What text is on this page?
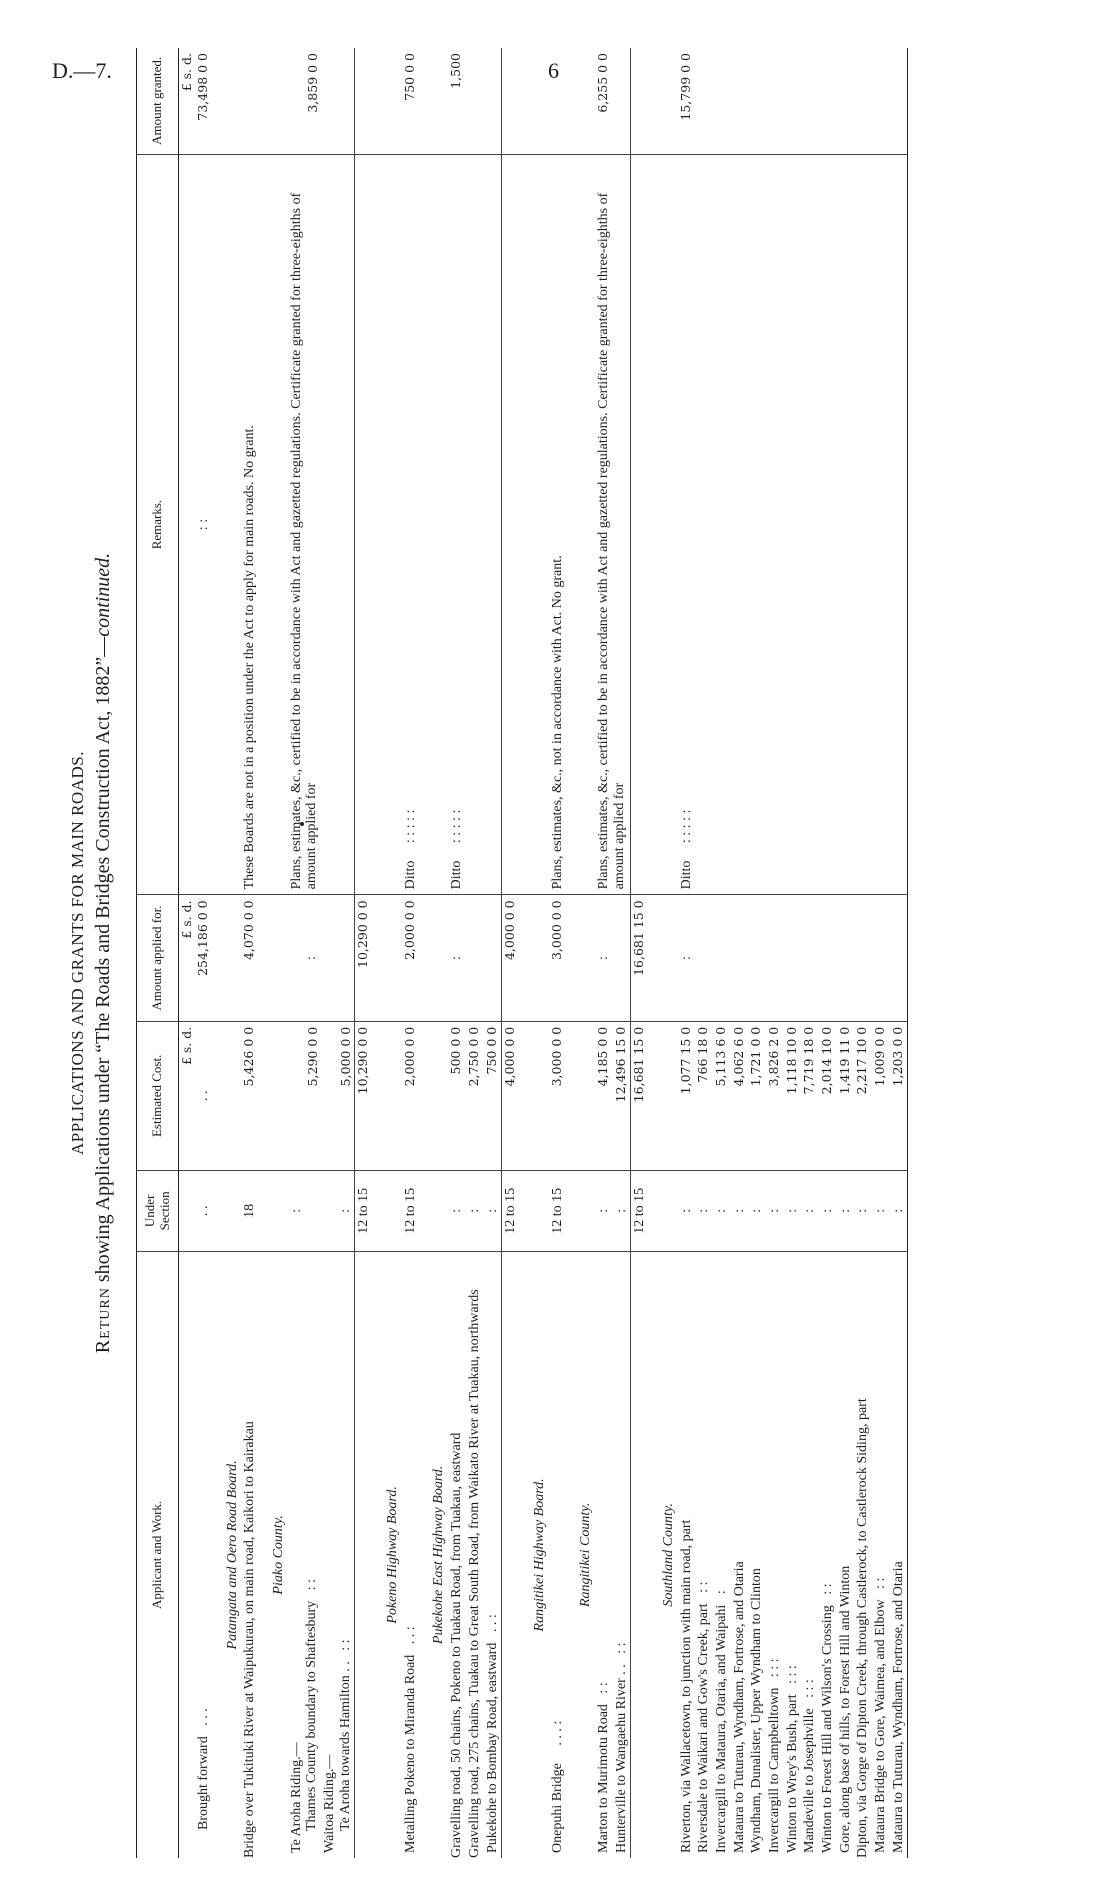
D.—7.	6
APPLICATIONS AND GRANTS FOR MAIN ROADS.
Return showing Applications under “The Roads and Bridges Construction Act, 1882”—continued.
Applicant and Work.	Under Section	Estimated Cost.	Amount applied for.	Remarks.	Amount granted.
		£ s. d.	£ s. d.		£ s. d.
Brought forward   . . .	. .	. .	254,186 0 0	: :	73,498 0 0

Patangata and Oero Road Board.					
Bridge over Tukituki River at Waipukurau, on main road, Kaikori to Kairakau	18	5,426 0 0	4,070 0 0	These Boards are not in a position under the Act to apply for main roads. No grant.	

Piako County.					

Te Aroha Riding.— Thames County boundary to Shaftesbury   : :	:	5,290 0 0	:	Plans, estimates, &c., certified to be in accordance with Act and gazetted regulations. Certificate granted for three-eighths of amount applied for	3,859 0 0

Waitoa Riding.— Te Aroha towards Hamilton . .   : :	:	5,000 0 0			
	12 to 15	10,290 0 0	10,290 0 0		

Pokeno Highway Board.					
Metalling Pokeno to Miranda Road   . . :	12 to 15	2,000 0 0	2,000 0 0	Ditto     : : : : :	750 0 0

Pukekohe East Highway Board.					
Gravelling road, 50 chains, Pokeno to Tuakau Road, from Tuakau, eastward	:	500 0 0	:	Ditto     : : : : :	1,500
Gravelling road, 275 chains, Tuakau to Great South Road, from Waikato River at Tuakau, northwards	:	2,750 0 0			
Pukekohe to Bombay Road, eastward   . . :	:	750 0 0			
	12 to 15	4,000 0 0	4,000 0 0		

Rangitikei Highway Board.					
Onepuhi Bridge     . . . :	12 to 15	3,000 0 0	3,000 0 0	Plans, estimates, &c., not in accordance with Act. No grant.	

Rangitikei County.					
Marton to Murimotu Road   : :	:	4,185 0 0	:	Plans, estimates, &c., certified to be in accordance with Act and gazetted regulations. Certificate granted for three-eighths of amount applied for	6,255 0 0
Hunterville to Wangaehu River . .   : :	:	12,496 15 0			
	12 to 15	16,681 15 0	16,681 15 0		

Southland County.					
Riverton, via Wallacetown, to junction with main road, part	:	1,077 15 0	:	Ditto     : : : : :	15,799 0 0
Riversdale to Waikari and Gow's Creek, part   : :	:	766 18 0			
Invercargill to Mataura, Otaria, and Waipahi   :	:	5,113 6 0			
Mataura to Tuturau, Wyndham, Fortrose, and Otaria	:	4,062 6 0			
Wyndham, Dunalister, Upper Wyndham to Clinton	:	1,721 0 0			
Invercargill to Campbelltown   : : :	:	3,826 2 0			
Winton to Wrey's Bush, part   : : :	:	1,118 10 0			
Mandeville to Josephville   : : :	:	7,719 18 0			
Winton to Forest Hill and Wilson's Crossing   : :	:	2,014 10 0			
Gore, along base of hills, to Forest Hill and Winton	:	1,419 11 0			
Dipton, via Gorge of Dipton Creek, through Castlerock, to Castlerock Siding, part	:	2,217 10 0			
Mataura Bridge to Gore, Waimea, and Elbow   : :	:	1,009 0 0			
Mataura to Tuturau, Wyndham, Fortrose, and Otaria	:	1,203 0 0			
